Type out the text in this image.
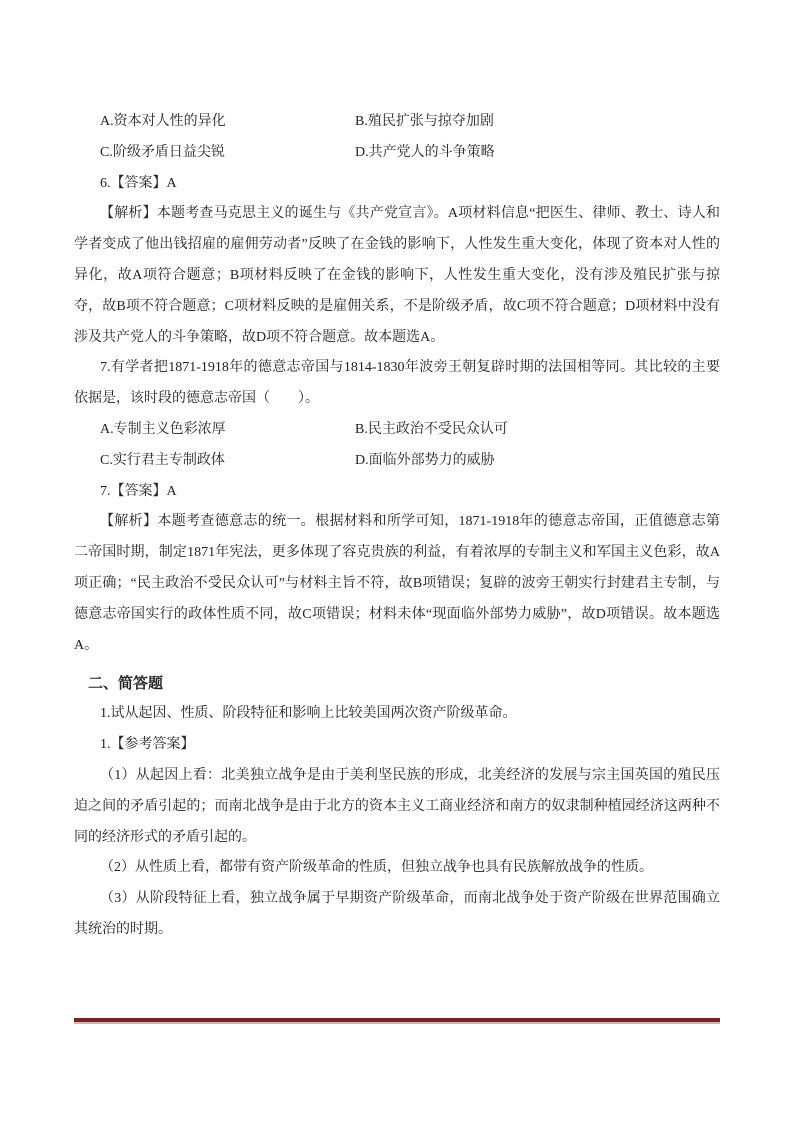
A.资本对人性的异化	B.殖民扩张与掠夺加剧
C.阶级矛盾日益尖锐	D.共产党人的斗争策略

6.【答案】A

【解析】本题考查马克思主义的诞生与《共产党宣言》。A项材料信息“把医生、律师、教士、诗人和学者变成了他出钱招雇的雇佣劳动者”反映了在金钱的影响下，人性发生重大变化，体现了资本对人性的异化，故A项符合题意；B项材料反映了在金钱的影响下，人性发生重大变化，没有涉及殖民扩张与掠夺，故B项不符合题意；C项材料反映的是雇佣关系，不是阶级矛盾，故C项不符合题意；D项材料中没有涉及共产党人的斗争策略，故D项不符合题意。故本题选A。

7.有学者把1871-1918年的德意志帝国与1814-1830年波旁王朝复辟时期的法国相等同。其比较的主要依据是，该时段的德意志帝国（　　）。

A.专制主义色彩浓厚	B.民主政治不受民众认可
C.实行君主专制政体	D.面临外部势力的威胁

7.【答案】A

【解析】本题考查德意志的统一。根据材料和所学可知，1871-1918年的德意志帝国，正值德意志第二帝国时期，制定1871年宪法，更多体现了容克贵族的利益，有着浓厚的专制主义和军国主义色彩，故A项正确；“民主政治不受民众认可”与材料主旨不符，故B项错误；复辟的波旁王朝实行封建君主专制，与德意志帝国实行的政体性质不同，故C项错误；材料未体“现面临外部势力威胁”，故D项错误。故本题选A。

二、简答题

1.试从起因、性质、阶段特征和影响上比较美国两次资产阶级革命。

1.【参考答案】

（1）从起因上看：北美独立战争是由于美利坚民族的形成，北美经济的发展与宗主国英国的殖民压迫之间的矛盾引起的；而南北战争是由于北方的资本主义工商业经济和南方的奴隶制种植园经济这两种不同的经济形式的矛盾引起的。

（2）从性质上看，都带有资产阶级革命的性质，但独立战争也具有民族解放战争的性质。

（3）从阶段特征上看，独立战争属于早期资产阶级革命，而南北战争处于资产阶级在世界范围确立其统治的时期。
